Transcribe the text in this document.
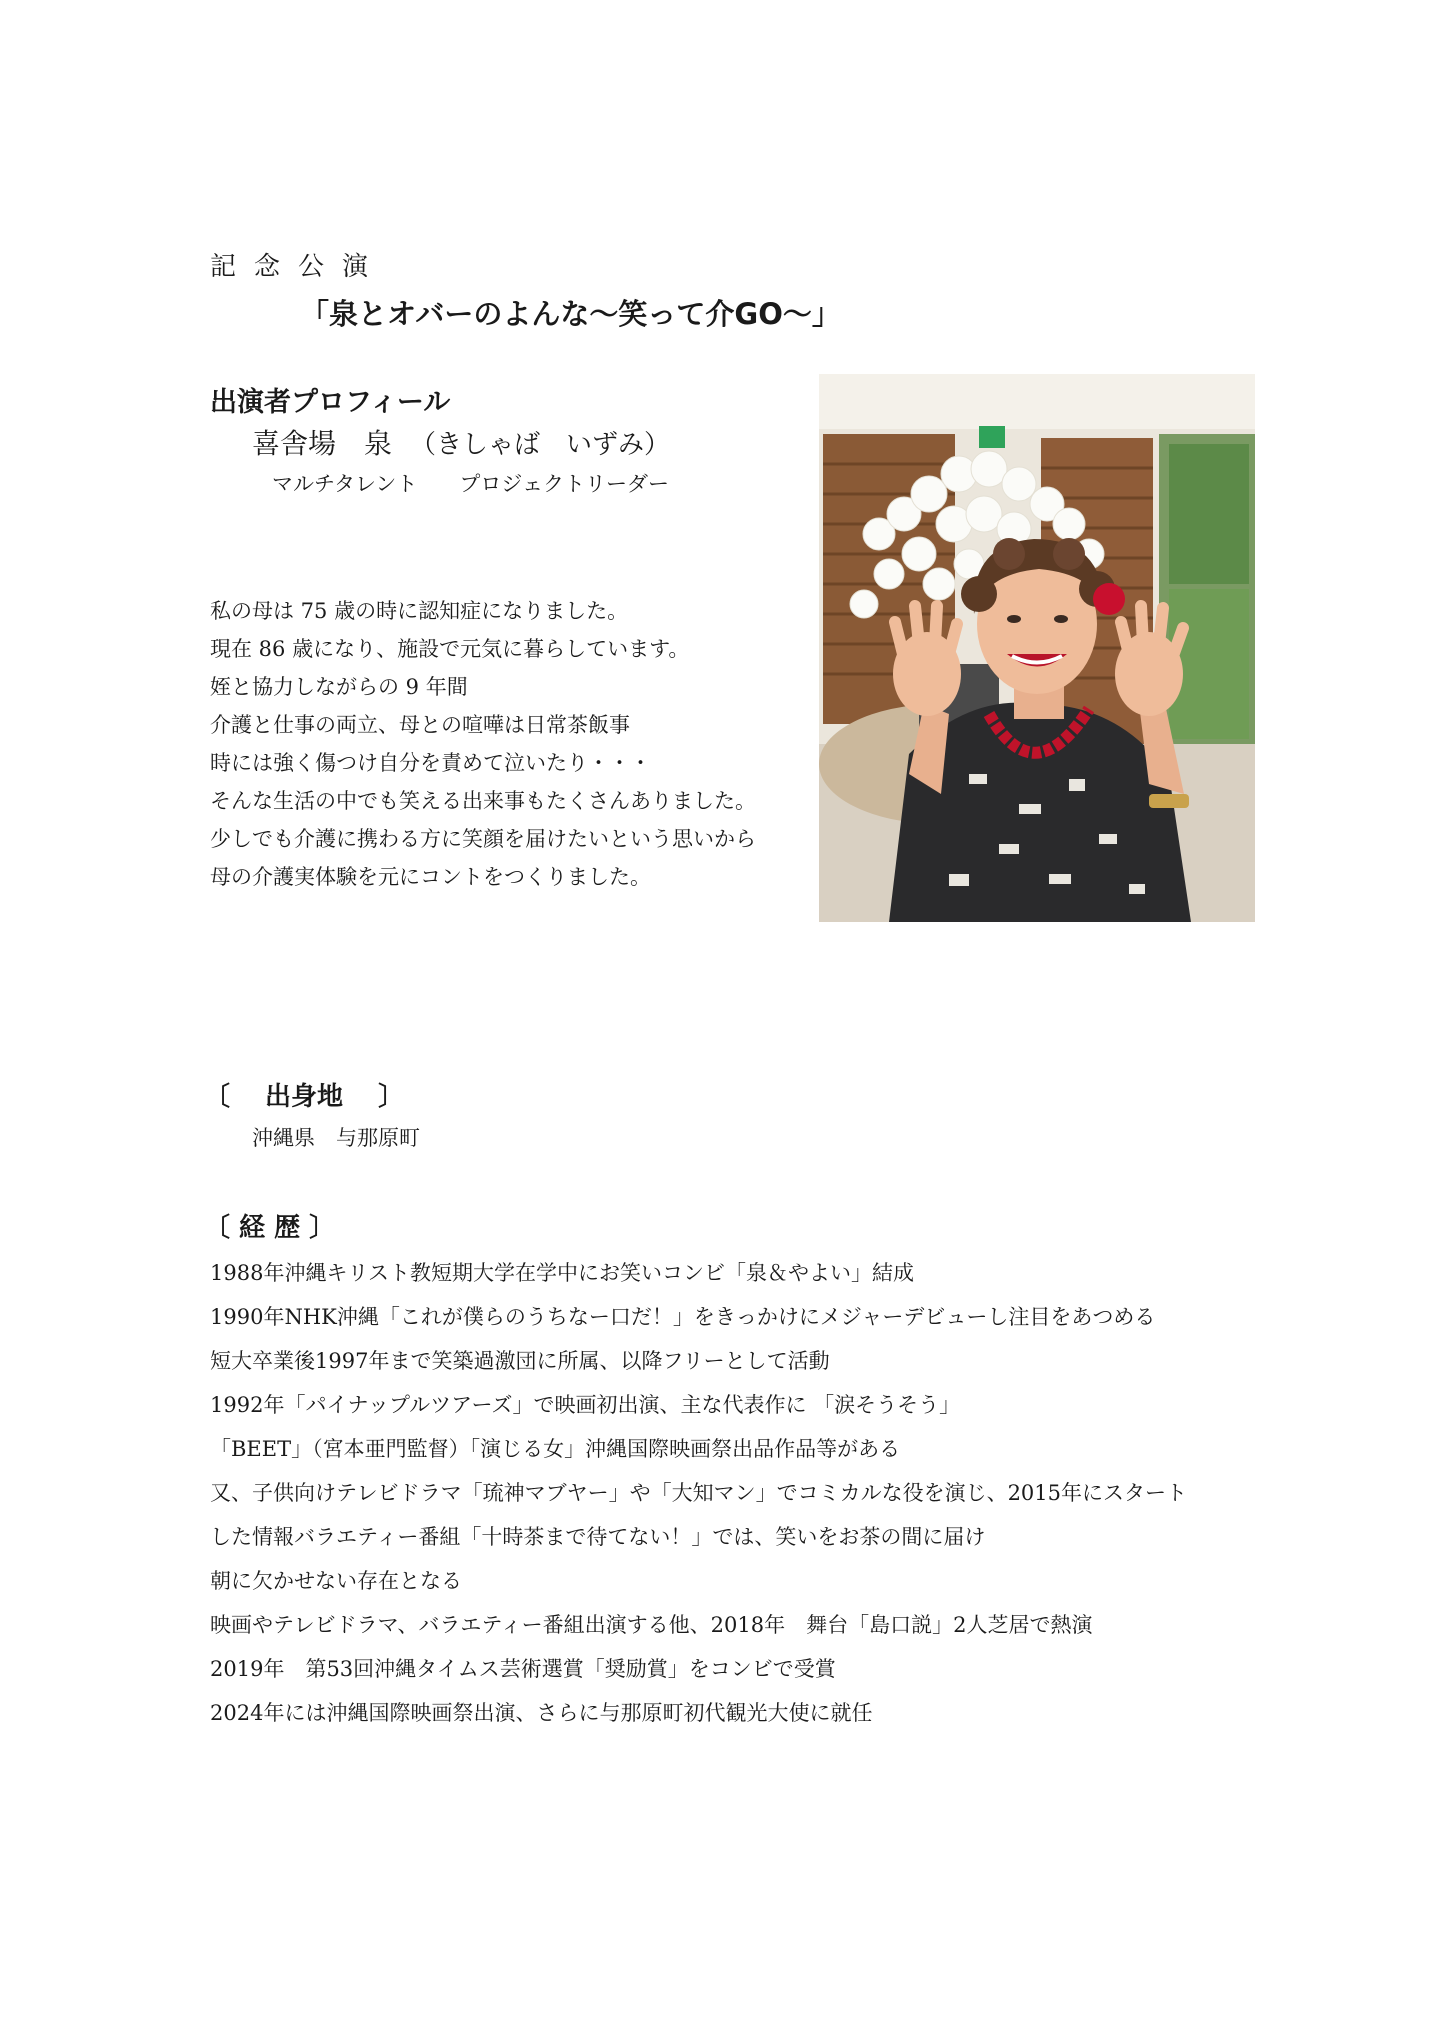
記念公演
「泉とオバーのよんな〜笑って介GO〜」
出演者プロフィール
喜舎場　泉 （きしゃば　いずみ）
マルチタレント　　プロジェクトリーダー
私の母は 75 歳の時に認知症になりました。
現在 86 歳になり、施設で元気に暮らしています。
姪と協力しながらの 9 年間
介護と仕事の両立、母との喧嘩は日常茶飯事
時には強く傷つけ自分を責めて泣いたり・・・
そんな生活の中でも笑える出来事もたくさんありました。
少しでも介護に携わる方に笑顔を届けたいという思いから
母の介護実体験を元にコントをつくりました。
〔　 出身地　 〕
沖縄県　与那原町
〔 経 歴 〕
1988年沖縄キリスト教短期大学在学中にお笑いコンビ「泉＆やよい」結成
1990年NHK沖縄「これが僕らのうちなー口だ！」をきっかけにメジャーデビューし注目をあつめる
短大卒業後1997年まで笑築過激団に所属、以降フリーとして活動
1992年「パイナップルツアーズ」で映画初出演、主な代表作に 「涙そうそう」
「BEET」（宮本亜門監督）「演じる女」沖縄国際映画祭出品作品等がある
又、子供向けテレビドラマ「琉神マブヤー」や「大知マン」でコミカルな役を演じ、2015年にスタート
した情報バラエティー番組「十時茶まで待てない！」では、笑いをお茶の間に届け
朝に欠かせない存在となる
映画やテレビドラマ、バラエティー番組出演する他、2018年　舞台「島口説」2人芝居で熱演
2019年　第53回沖縄タイムス芸術選賞「奨励賞」をコンビで受賞
2024年には沖縄国際映画祭出演、さらに与那原町初代観光大使に就任
